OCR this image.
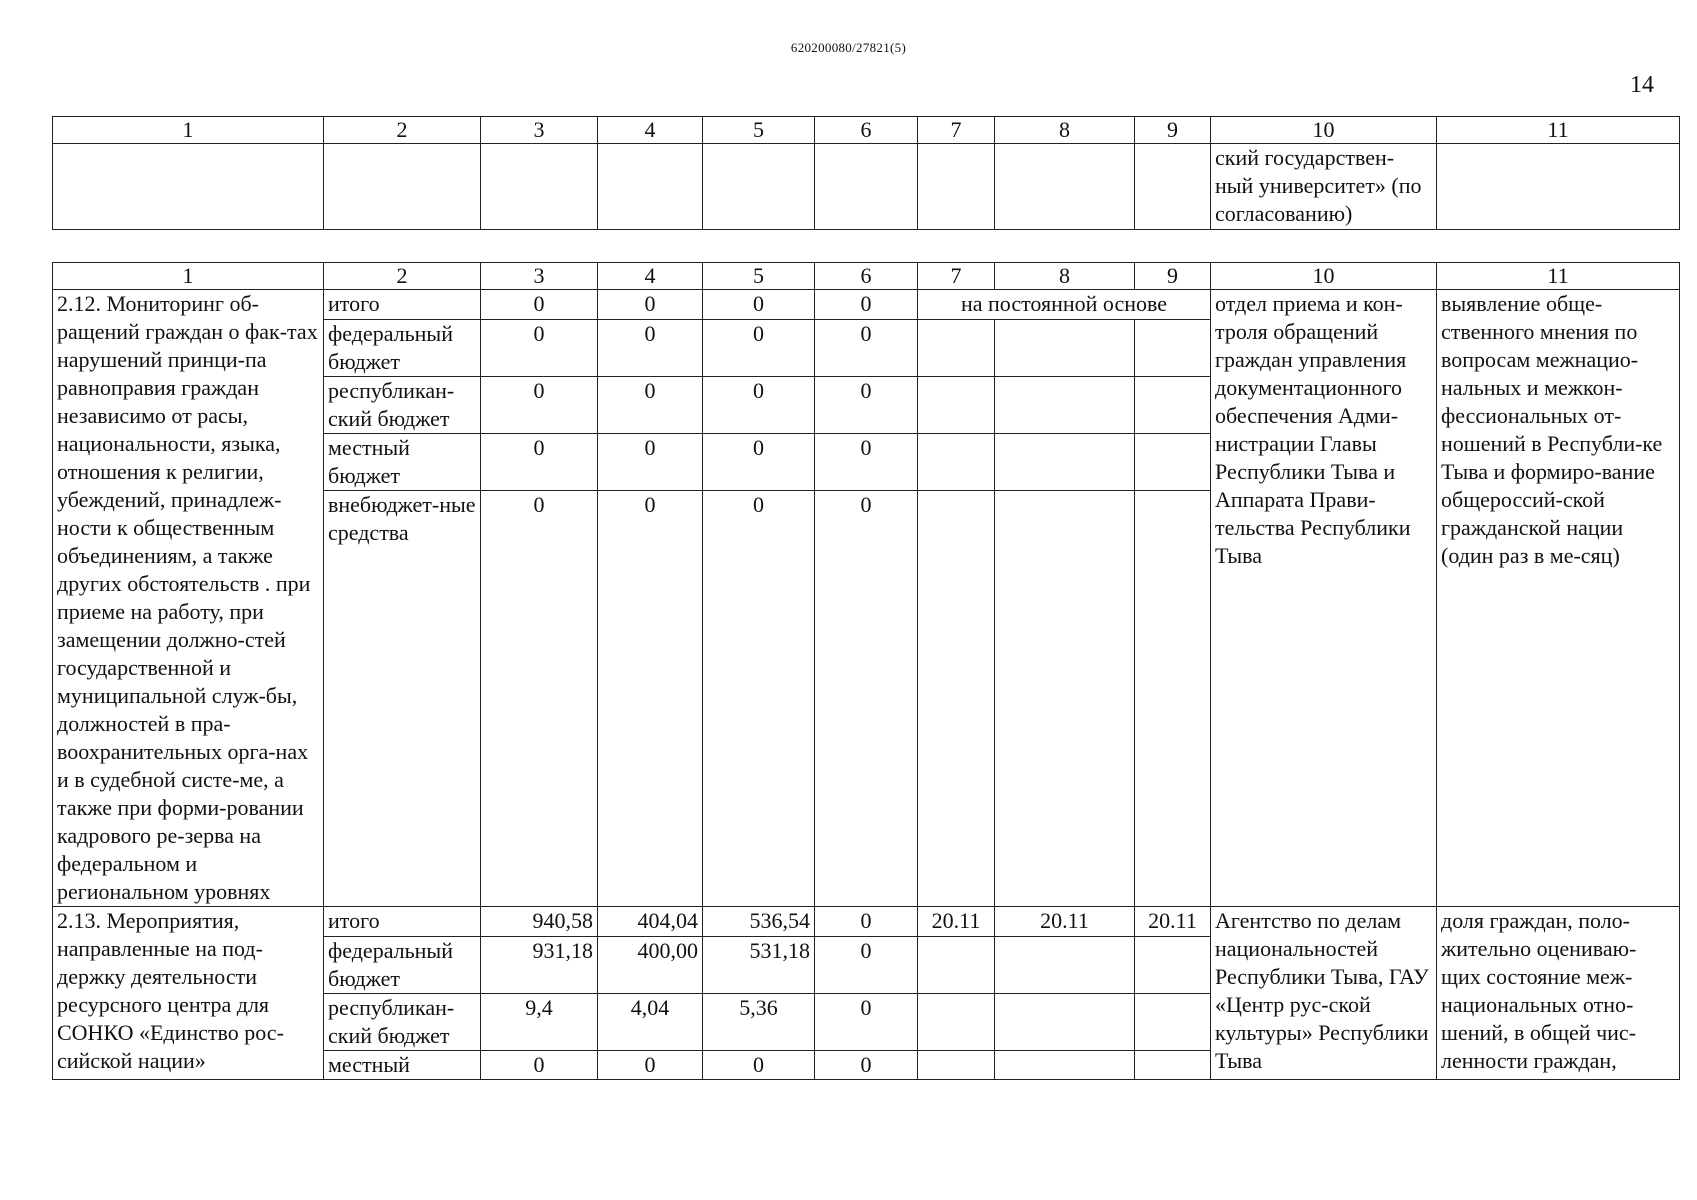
620200080/27821(5)
14
1	2	3	4	5	6	7	8	9	10	11
									ский государствен-ный университет» (по согласованию)	
1	2	3	4	5	6	7	8	9	10	11
2.12. Мониторинг об-ращений граждан о фак-тах нарушений принци-па равноправия граждан независимо от расы, национальности, языка, отношения к религии, убеждений, принадлеж-ности к общественным объединениям, а также других обстоятельств . при приеме на работу, при замещении должно-стей государственной и муниципальной служ-бы, должностей в пра-воохранительных орга-нах и в судебной систе-ме, а также при форми-ровании кадрового ре-зерва на федеральном и региональном уровнях	итого	0	0	0	0	на постоянной основе			отдел приема и кон-троля обращений граждан управления документационного обеспечения Адми-нистрации Главы Республики Тыва и Аппарата Прави-тельства Республики Тыва	выявление обще-ственного мнения по вопросам межнацио-нальных и межкон-фессиональных от-ношений в Республи-ке Тыва и формиро-вание общероссий-ской гражданской нации (один раз в ме-сяц)
	федеральный бюджет	0	0	0	0					
	республикан-ский бюджет	0	0	0	0					
	местный бюджет	0	0	0	0					
	внебюджет-ные средства	0	0	0	0					
2.13. Мероприятия, направленные на под-держку деятельности ресурсного центра для СОНКО «Единство рос-сийской нации»	итого	940,58	404,04	536,54	0	20.11	20.11	20.11	Агентство по делам национальностей Республики Тыва, ГАУ «Центр рус-ской культуры» Республики Тыва	доля граждан, поло-жительно оцениваю-щих состояние меж-национальных отно-шений, в общей чис-ленности граждан,
	федеральный бюджет	931,18	400,00	531,18	0					
	республикан-ский бюджет	9,4	4,04	5,36	0					
	местный	0	0	0	0					
